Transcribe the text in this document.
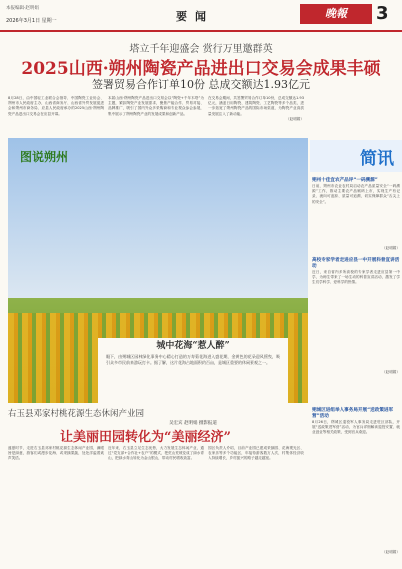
本报编辑·赵明娟
2026年3月1日 星期一	要闻	晚報	3
塔立千年迎盛会 赏行万里邀群英
2025山西·朔州陶瓷产品进出口交易会成果丰硕
签署贸易合作订单10份 总成交额达1.93亿元

8月28日，由中国轻工业联合会指导、中国陶瓷工业协会、朔州市人民政府主办，山西省商务厅、山西省外贸发展促进会和朔州市商务局、应县人民政府承办的2025山西·朔州陶瓷产品进出口交易会在应县开幕。

本届山西·朔州陶瓷产品进出口交易会以“陶瓷+千年木塔”为主题，紧扣陶瓷产业发展需求，聚焦产能合作、贸易对接、品牌推广，吸引了国内外众多采购商和专业观众参会参展，集中展示了朔州陶瓷产业的发展成果和创新产品。

在交易会期间，共签署贸易合作订单10份，总成交额达1.93亿元，涵盖日用陶瓷、建筑陶瓷、工艺陶瓷等多个品类，进一步拓宽了朔州陶瓷产品的国际市场渠道，为陶瓷产业高质量发展注入了新动能。

（赵明娟）

图说朔州
城中花海“惹人醉”
眼下，由朔城区园林绿化事务中心精心打造的万寿菊花海进入盛花期，金黄色的花朵迎风摇曳，吸引众多市民前来游玩打卡。据了解，这片花海占地面积约百亩，是城区重要的休闲景观之一。
吴宏宾 赵明娟 摄影报道
右玉县邓家村桃花源生态休闲产业园
让美丽田园转化为“美丽经济”

盛夏时节，走进右玉县邓家村桃花源生态休闲产业园，满眼皆是绿意，游客们或漫步花海、或采摘果蔬，处处洋溢着欢声笑语。

近年来，右玉县立足生态优势，大力发展生态休闲产业，通过“党支部+合作社+农户”的模式，把荒山荒坡变成了绿水青山，把绿水青山转化为金山银山，带动村民增收致富。

园区负责人介绍，目前产业园已建成采摘园、花海观光区、农家乐等多个功能区，年接待游客数万人次，村集体经济收入持续增长，乡村振兴的路子越走越宽。

简讯
朔州十佳宜农产品评“一码溯源”
日前，朔州市农业农村局启动农产品质量安全“一码溯源”工作，推动主要农产品赋码上市，实现生产有记录、流向可追踪、质量可追溯，切实保障群众“舌尖上的安全”。
（赵明娟）
高校专家学者走进应县一中开展科普宣讲活动
近日，来自省内多所高校的专家学者走进应县第一中学，为师生带来了一场生动的科普宣讲活动，激发了学生们学科学、爱科学的热情。
（赵明娟）
朔城区进组举人事务局开展“送政策进军营”活动
8月26日，朔城区退役军人事务局走进驻区部队，开展“送政策进军营”活动，为官兵详细解读退役安置、就业创业等相关政策，受到官兵欢迎。
（赵明娟）
